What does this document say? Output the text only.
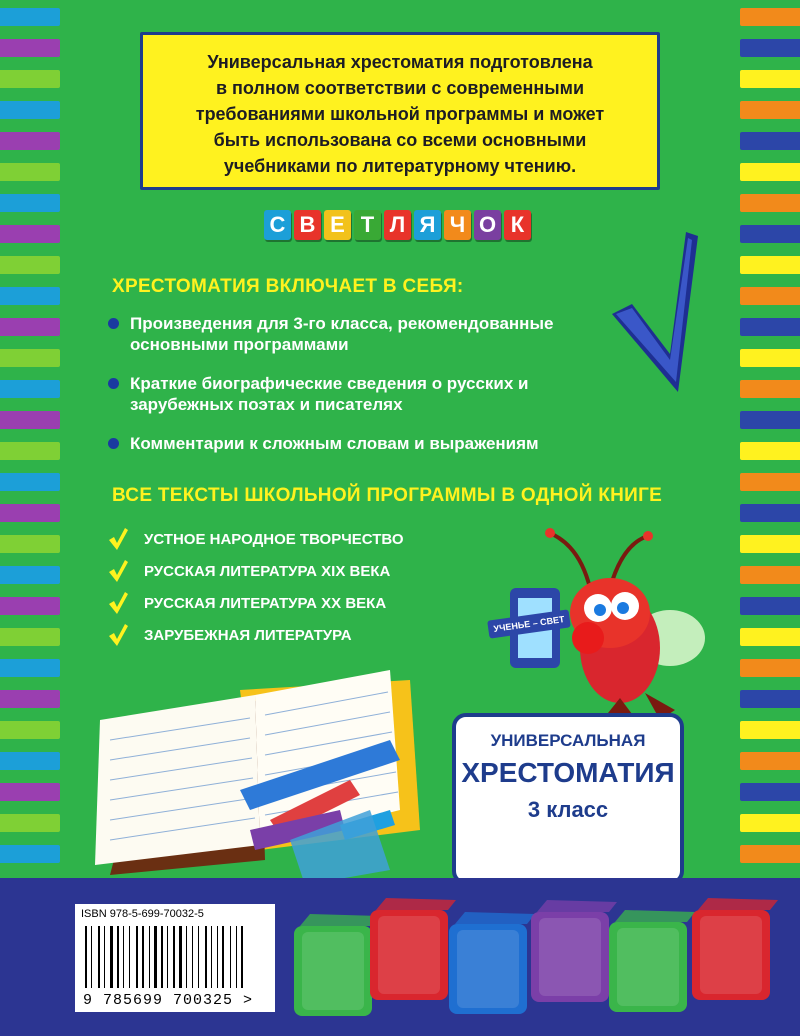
Универсальная хрестоматия подготовлена
в полном соответствии с современными
требованиями школьной программы и может
быть использована со всеми основными
учебниками по литературному чтению.

С В Е Т Л Я Ч О К
ХРЕСТОМАТИЯ ВКЛЮЧАЕТ В СЕБЯ:
Произведения для 3-го класса, рекомендованные основными программами
Краткие биографические сведения о русских и зарубежных поэтах и писателях
Комментарии к сложным словам и выражениям
ВСЕ ТЕКСТЫ ШКОЛЬНОЙ ПРОГРАММЫ В ОДНОЙ КНИГЕ
УСТНОЕ НАРОДНОЕ ТВОРЧЕСТВО
РУССКАЯ ЛИТЕРАТУРА XIX ВЕКА
РУССКАЯ ЛИТЕРАТУРА XX ВЕКА
ЗАРУБЕЖНАЯ ЛИТЕРАТУРА
УЧЕНЬЕ – СВЕТ
УНИВЕРСАЛЬНАЯ
ХРЕСТОМАТИЯ
3 класс
ISBN 978-5-699-70032-5
9 785699 700325 >
